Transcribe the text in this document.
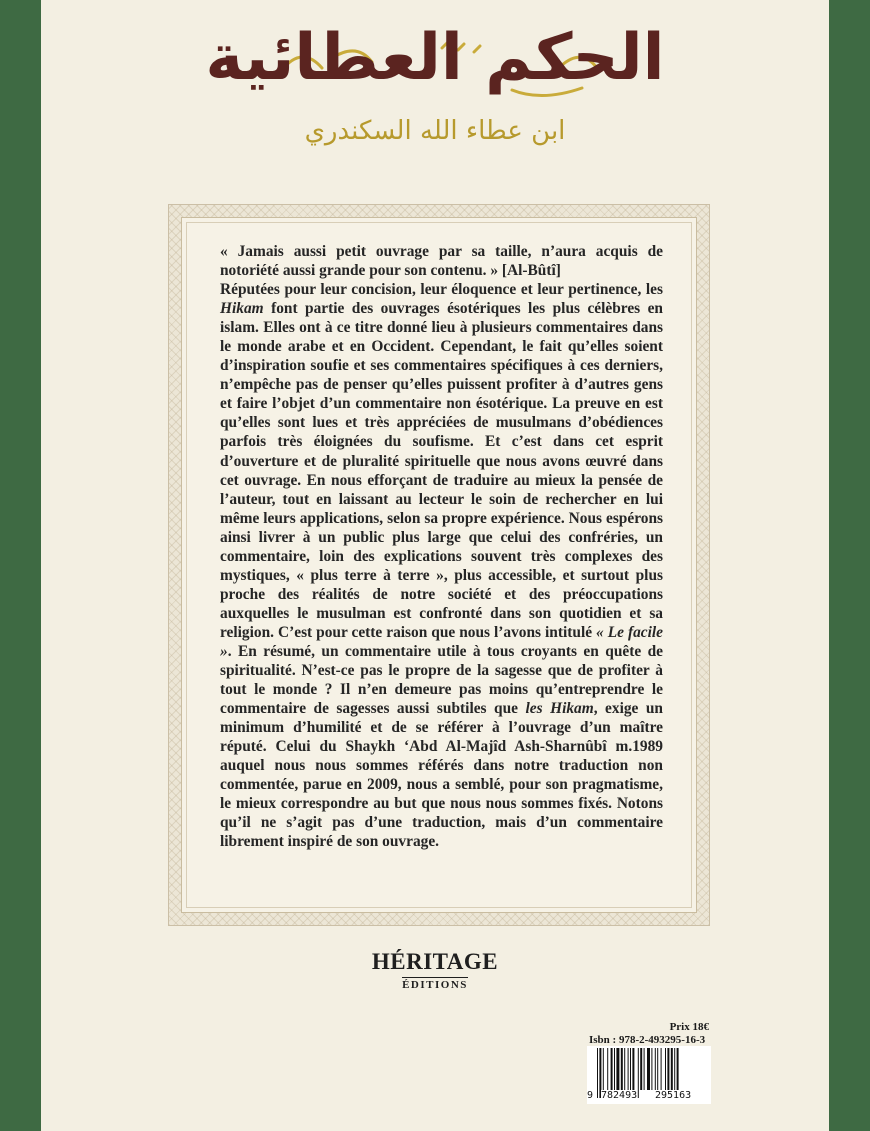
الحكم العطائية
ابن عطاء الله السكندري

« Jamais aussi petit ouvrage par sa taille, n’aura acquis de notoriété aussi grande pour son contenu. » [Al-Bûtî]

Réputées pour leur concision, leur éloquence et leur pertinence, les Hikam font partie des ouvrages ésotériques les plus célèbres en islam. Elles ont à ce titre donné lieu à plusieurs commentaires dans le monde arabe et en Occident. Cependant, le fait qu’elles soient d’inspiration soufie et ses commentaires spécifiques à ces derniers, n’empêche pas de penser qu’elles puissent profiter à d’autres gens et faire l’objet d’un commentaire non ésotérique. La preuve en est qu’elles sont lues et très appréciées de musulmans d’obédiences parfois très éloignées du soufisme. Et c’est dans cet esprit d’ouverture et de pluralité spirituelle que nous avons œuvré dans cet ouvrage. En nous efforçant de traduire au mieux la pensée de l’auteur, tout en laissant au lecteur le soin de rechercher en lui même leurs applications, selon sa propre expérience. Nous espérons ainsi livrer à un public plus large que celui des confréries, un commentaire, loin des explications souvent très complexes des mystiques, « plus terre à terre », plus accessible, et surtout plus proche des réalités de notre société et des préoccupations auxquelles le musulman est confronté dans son quotidien et sa religion. C’est pour cette raison que nous l’avons intitulé « Le facile ». En résumé, un commentaire utile à tous croyants en quête de spiritualité. N’est-ce pas le propre de la sagesse que de profiter à tout le monde ? Il n’en demeure pas moins qu’entreprendre le commentaire de sagesses aussi subtiles que les Hikam, exige un minimum d’humilité et de se référer à l’ouvrage d’un maître réputé. Celui du Shaykh ‘Abd Al-Majîd Ash-Sharnûbî m.1989 auquel nous nous sommes référés dans notre traduction non commentée, parue en 2009, nous a semblé, pour son pragmatisme, le mieux correspondre au but que nous nous sommes fixés. Notons qu’il ne s’agit pas d’une traduction, mais d’un commentaire librement inspiré de son ouvrage.

HÉRITAGE
ÉDITIONS
Prix 18€
Isbn : 978-2-493295-16-3
9 782493 295163
